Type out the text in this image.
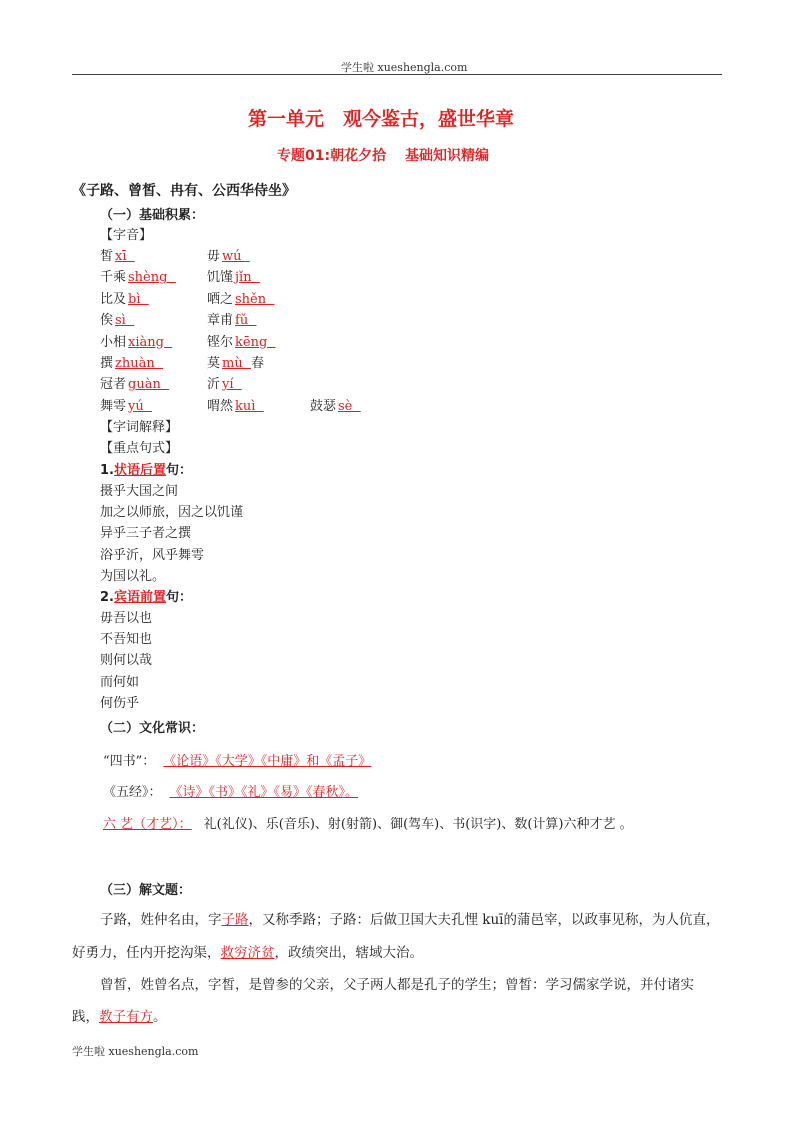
学生啦 xueshengla.com
第一单元　观今鉴古，盛世华章
专题01:朝花夕拾　 基础知识精编
《子路、曾皙、冉有、公西华侍坐》
（一）基础积累：
【字音】
皙 xī	毋 wú
千乘 shèng 饥馑 jǐn
比及 bì	哂之 shěn
俟 sì	章甫 fǔ
小相 xiàng	铿尔 kēng
撰 zhuàn	莫 mù  春
冠者 guàn	沂 yí
舞雩 yú	喟然 kuì	鼓瑟 sè
【字词解释】
【重点句式】
1.状语后置句：
摄乎大国之间
加之以师旅，因之以饥谨
异乎三子者之撰
浴乎沂，风乎舞雩
为国以礼。
2.宾语前置句：
毋吾以也
不吾知也
则何以哉
而何如
何伤乎
（二）文化常识：
“四书”： 《论语》《大学》《中庸》和《孟子》
《五经》： 《诗》《书》《礼》《易》《春秋》。
六 艺（才艺）： 礼(礼仪)、乐(音乐)、射(射箭)、御(驾车)、书(识字)、数(计算)六种才艺 。
（三）解文题：
子路，姓仲名由，字子路，又称季路；子路：后做卫国大夫孔悝 kuī的蒲邑宰，以政事见称，为人伉直，
好勇力，任内开挖沟渠，救穷济贫，政绩突出，辖域大治。
曾皙，姓曾名点，字皙，是曾参的父亲，父子两人都是孔子的学生；曾皙：学习儒家学说，并付诸实
践，教子有方。
学生啦 xueshengla.com
